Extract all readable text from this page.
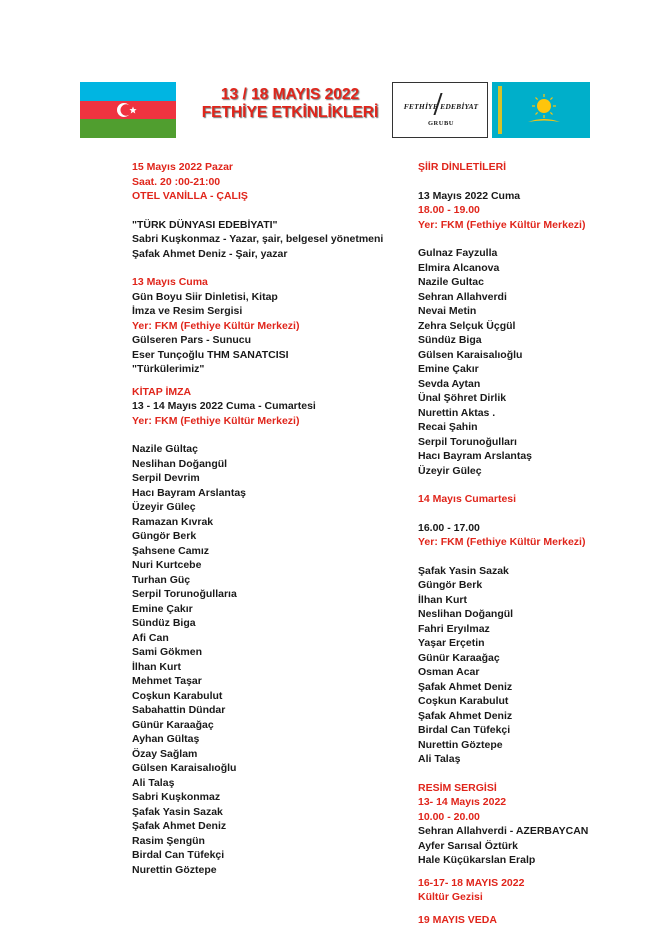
13 / 18 MAYIS 2022
FETHİYE ETKİNLİKLERİ	FETHİYE EDEBİYAT
GRUBU
15 Mayıs 2022 Pazar
Saat. 20 :00-21:00
OTEL VANİLLA - ÇALIŞ
"TÜRK DÜNYASI EDEBİYATI"
Sabri Kuşkonmaz - Yazar, şair, belgesel yönetmeni
Şafak Ahmet Deniz - Şair, yazar
13 Mayıs Cuma
Gün Boyu Siir Dinletisi, Kitap
İmza ve Resim Sergisi
Yer: FKM (Fethiye Kültür Merkezi)
Gülseren Pars - Sunucu
Eser Tunçoğlu THM SANATCISI
"Türkülerimiz"
KİTAP İMZA
13 - 14 Mayıs 2022 Cuma - Cumartesi
Yer: FKM (Fethiye Kültür Merkezi)
Nazile Gültaç
Neslihan Doğangül
Serpil Devrim
Hacı Bayram Arslantaş
Üzeyir Güleç
Ramazan Kıvrak
Güngör Berk
Şahsene Camız
Nuri Kurtcebe
Turhan Güç
Serpil Torunoğullarıa
Emine Çakır
Sündüz Biga
Afi Can
Sami Gökmen
İlhan Kurt
Mehmet Taşar
Coşkun Karabulut
Sabahattin Dündar
Günür Karaağaç
Ayhan Gültaş
Özay Sağlam
Gülsen Karaisalıoğlu
Ali Talaş
Sabri Kuşkonmaz
Şafak Yasin Sazak
Şafak Ahmet Deniz
Rasim Şengün
Birdal Can Tüfekçi
Nurettin Göztepe
ŞİİR DİNLETİLERİ
13 Mayıs 2022 Cuma
18.00 - 19.00
Yer: FKM (Fethiye Kültür Merkezi)
Gulnaz Fayzulla
Elmira Alcanova
Nazile Gultac
Sehran Allahverdi
Nevai Metin
Zehra Selçuk Üçgül
Sündüz Biga
Gülsen Karaisalıoğlu
Emine Çakır
Sevda Aytan
Ünal Şöhret Dirlik
Nurettin Aktas .
Recai Şahin
Serpil Torunoğulları
Hacı Bayram Arslantaş
Üzeyir Güleç
14 Mayıs Cumartesi
16.00 - 17.00
Yer: FKM (Fethiye Kültür Merkezi)
Şafak Yasin Sazak
Güngör Berk
İlhan Kurt
Neslihan Doğangül
Fahri Eryılmaz
Yaşar Erçetin
Günür Karaağaç
Osman Acar
Şafak Ahmet Deniz
Coşkun Karabulut
Şafak Ahmet Deniz
Birdal Can Tüfekçi
Nurettin Göztepe
Ali Talaş
RESİM SERGİSİ
13- 14 Mayıs 2022
10.00 - 20.00
Sehran Allahverdi - AZERBAYCAN
Ayfer Sarısal Öztürk
Hale Küçükarslan Eralp
16-17- 18 MAYIS 2022
Kültür Gezisi
19 MAYIS VEDA
